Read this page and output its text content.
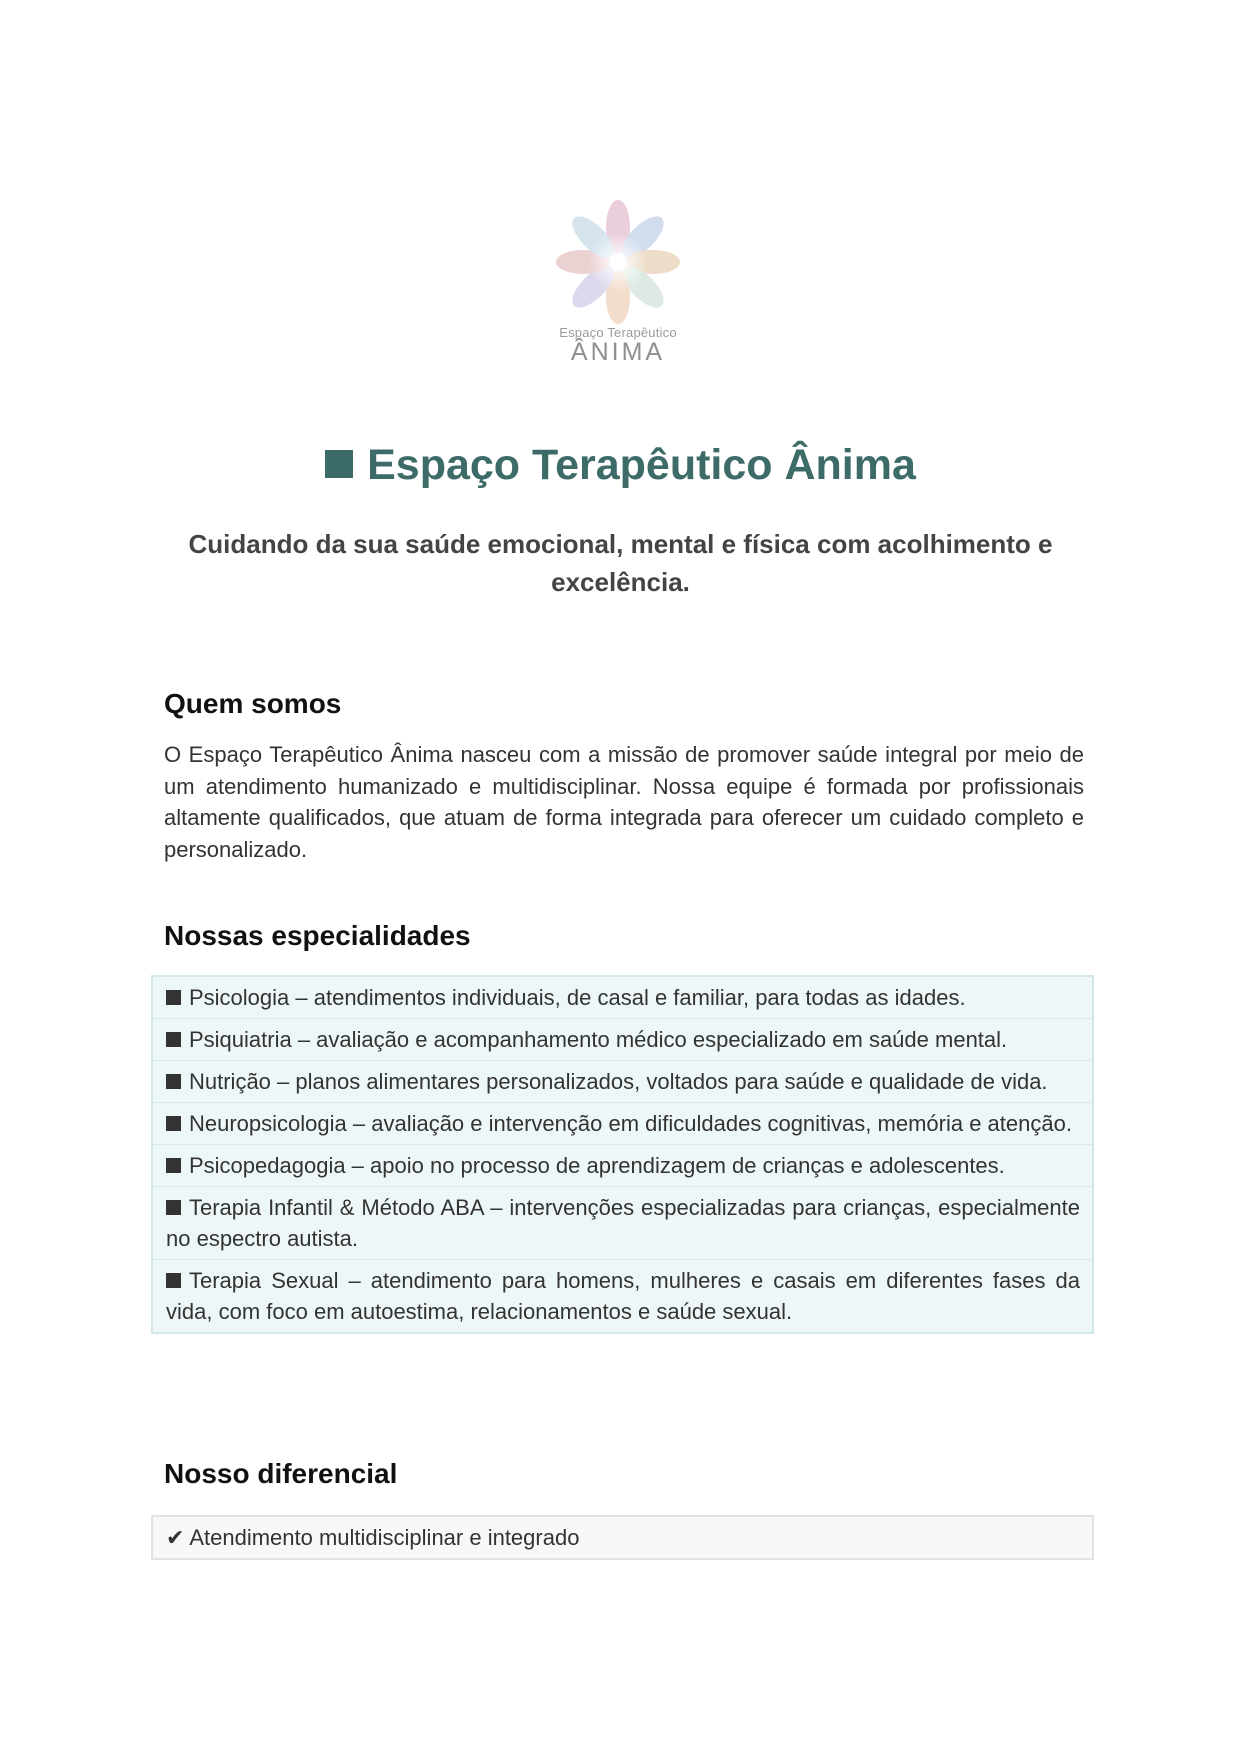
Espaço Terapêutico
ÂNIMA
Espaço Terapêutico Ânima

Cuidando da sua saúde emocional, mental e física com acolhimento e excelência.

Quem somos

O Espaço Terapêutico Ânima nasceu com a missão de promover saúde integral por meio de um atendimento humanizado e multidisciplinar. Nossa equipe é formada por profissionais altamente qualificados, que atuam de forma integrada para oferecer um cuidado completo e personalizado.

Nossas especialidades
Psicologia – atendimentos individuais, de casal e familiar, para todas as idades.
Psiquiatria – avaliação e acompanhamento médico especializado em saúde mental.
Nutrição – planos alimentares personalizados, voltados para saúde e qualidade de vida.
Neuropsicologia – avaliação e intervenção em dificuldades cognitivas, memória e atenção.
Psicopedagogia – apoio no processo de aprendizagem de crianças e adolescentes.
Terapia Infantil & Método ABA – intervenções especializadas para crianças, especialmente no espectro autista.
Terapia Sexual – atendimento para homens, mulheres e casais em diferentes fases da vida, com foco em autoestima, relacionamentos e saúde sexual.
Nosso diferencial
✔ Atendimento multidisciplinar e integrado
